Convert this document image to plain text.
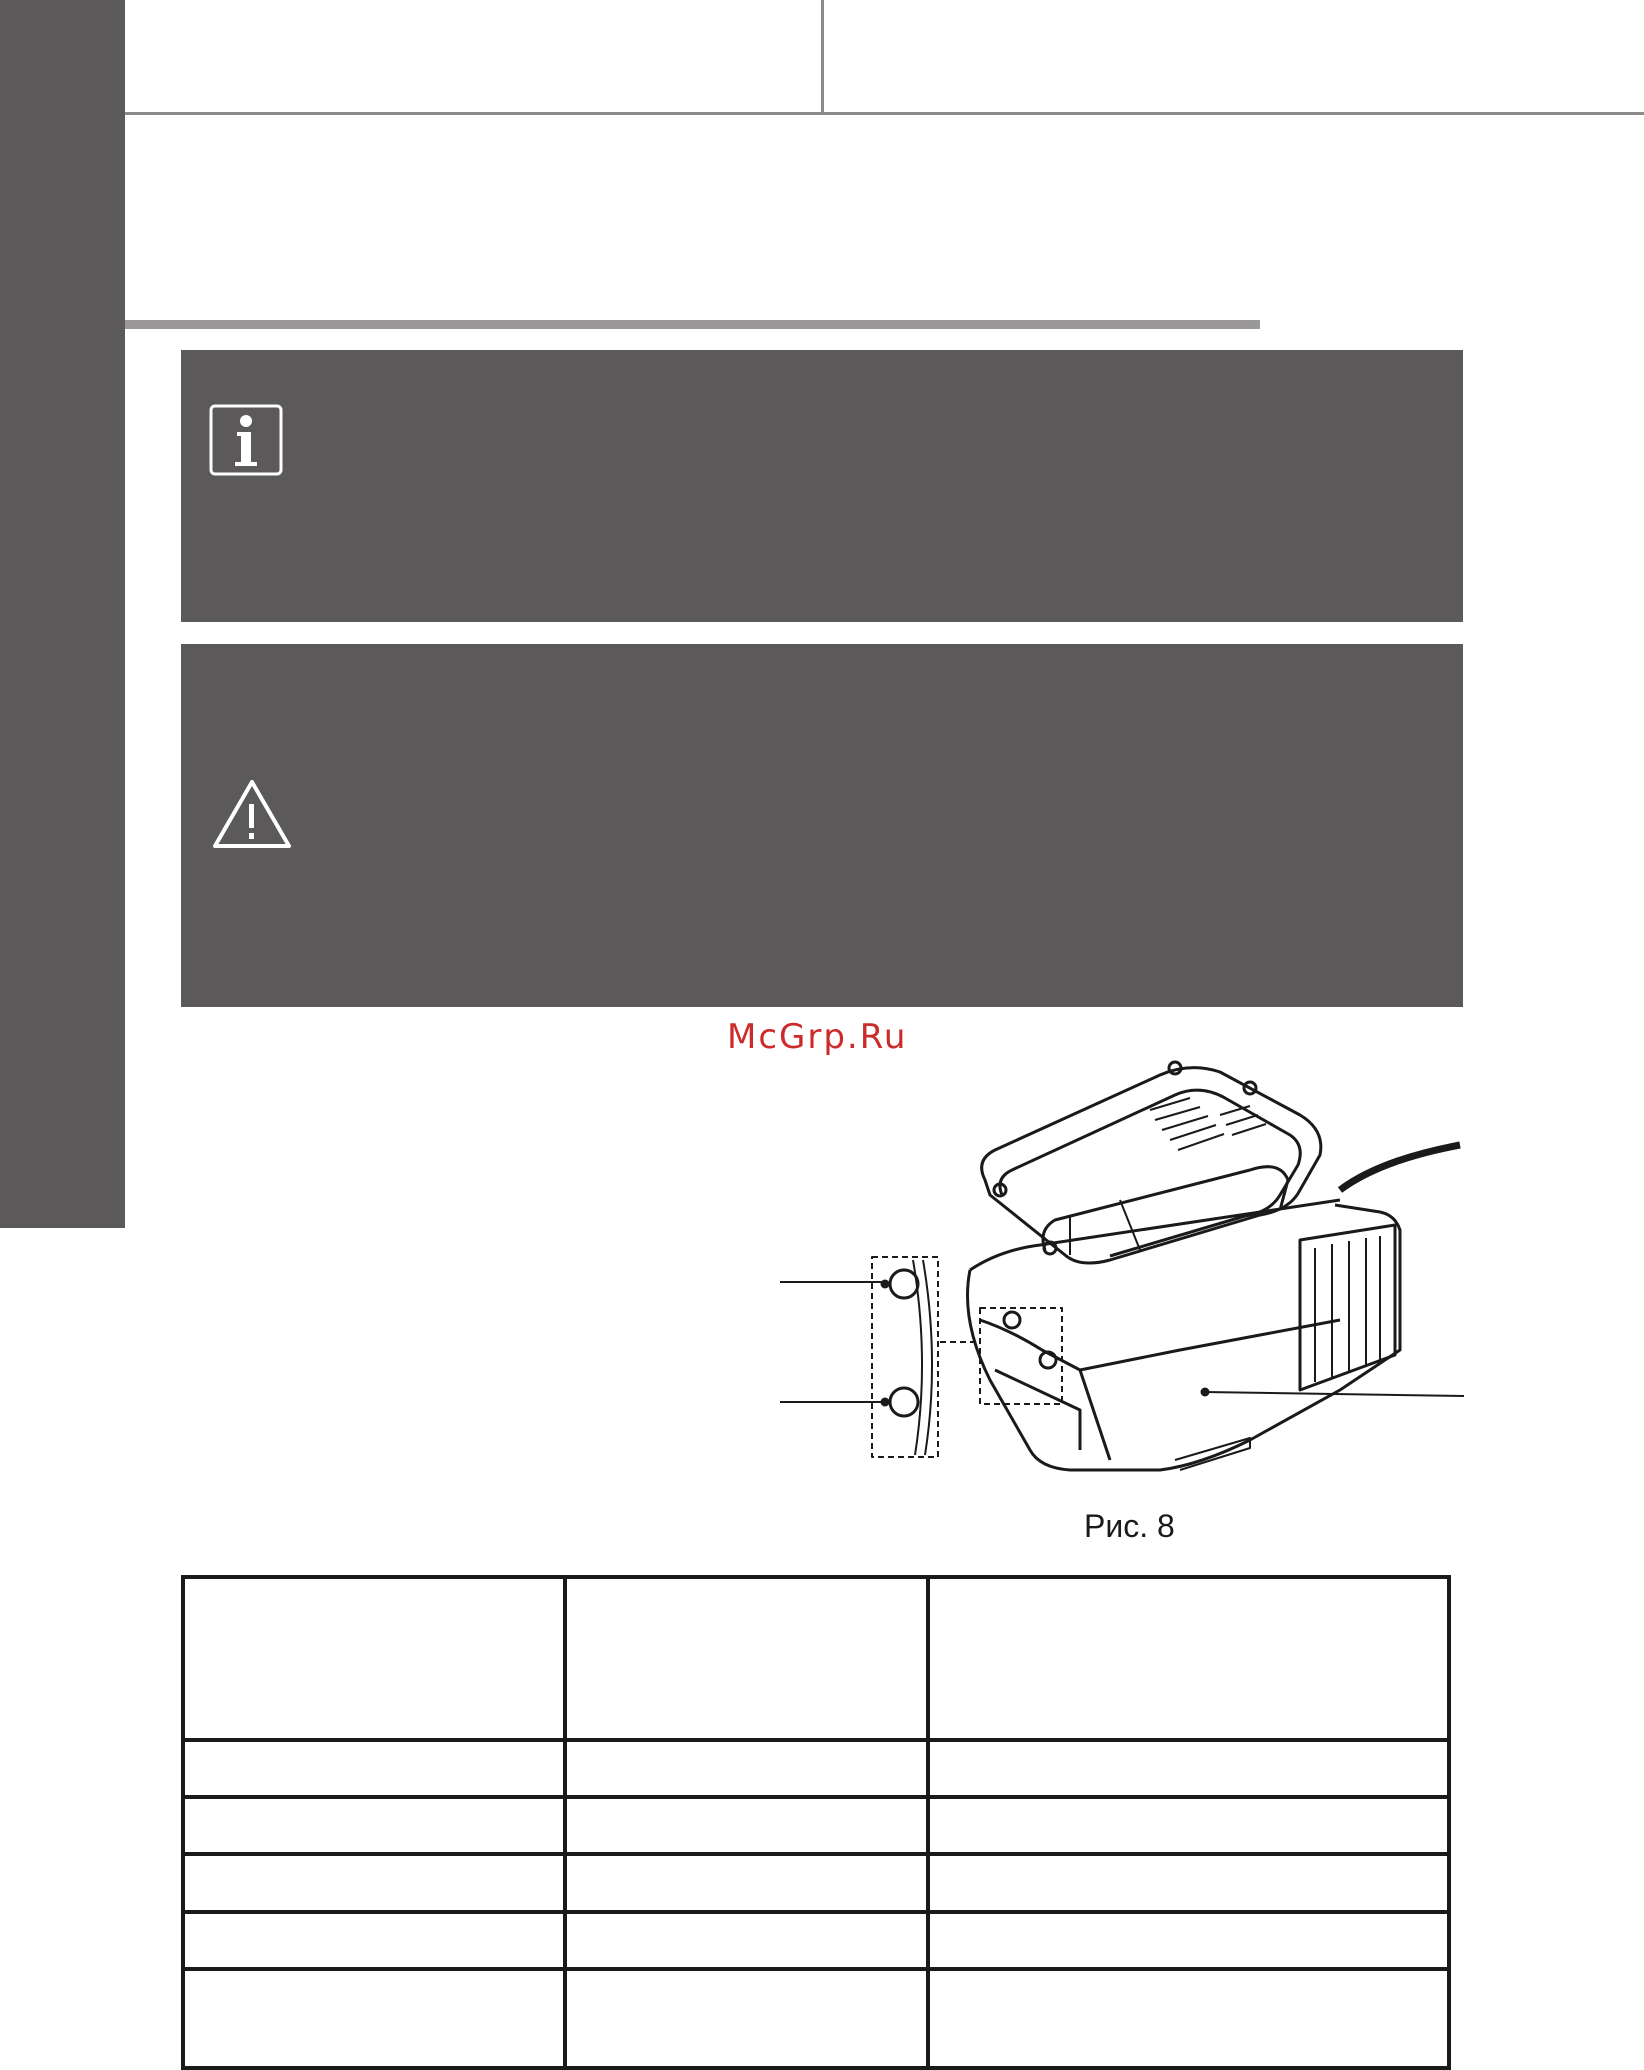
McGrp.Ru
Рис. 8
